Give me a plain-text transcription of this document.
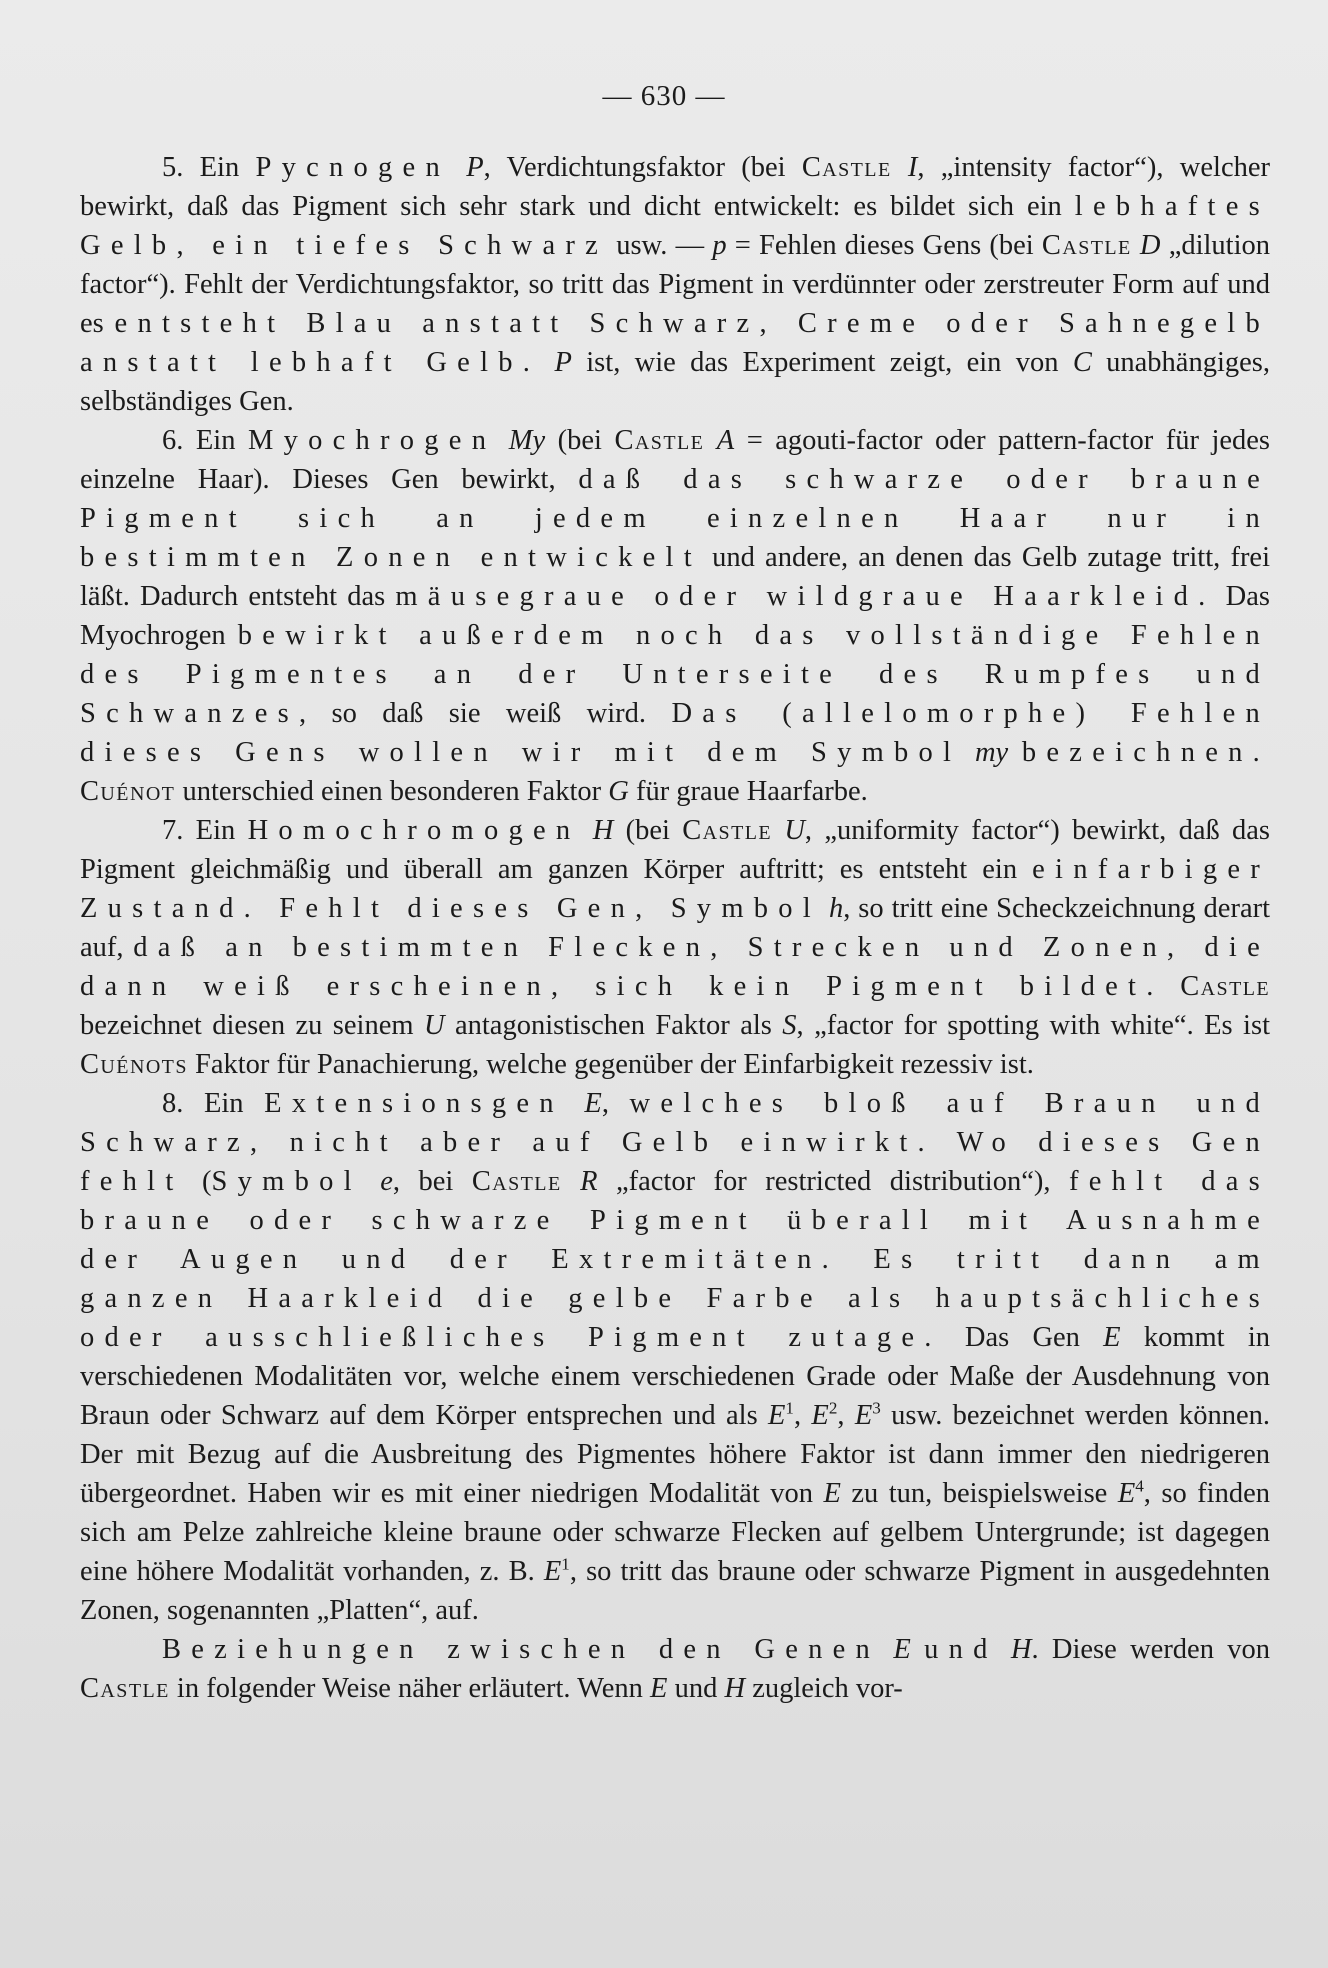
— 630 —

5. Ein Pycnogen P, Verdichtungsfaktor (bei Castle I, „intensity factor“), welcher bewirkt, daß das Pigment sich sehr stark und dicht entwickelt: es bildet sich ein lebhaftes Gelb, ein tiefes Schwarz usw. — p = Fehlen dieses Gens (bei Castle D „dilution factor“). Fehlt der Verdichtungsfaktor, so tritt das Pigment in verdünnter oder zerstreuter Form auf und es entsteht Blau anstatt Schwarz, Creme oder Sahnegelb anstatt lebhaft Gelb. P ist, wie das Experiment zeigt, ein von C unabhängiges, selbständiges Gen.

6. Ein Myochrogen My (bei Castle A = agouti-factor oder pattern-factor für jedes einzelne Haar). Dieses Gen bewirkt, daß das schwarze oder braune Pigment sich an jedem einzelnen Haar nur in bestimmten Zonen entwickelt und andere, an denen das Gelb zutage tritt, frei läßt. Dadurch entsteht das mäusegraue oder wildgraue Haarkleid. Das Myochrogen bewirkt außerdem noch das vollständige Fehlen des Pigmentes an der Unterseite des Rumpfes und Schwanzes, so daß sie weiß wird. Das (allelomorphe) Fehlen dieses Gens wollen wir mit dem Symbol my bezeichnen. Cuénot unterschied einen besonderen Faktor G für graue Haarfarbe.

7. Ein Homochromogen H (bei Castle U, „uniformity factor“) bewirkt, daß das Pigment gleichmäßig und überall am ganzen Körper auftritt; es entsteht ein einfarbiger Zustand. Fehlt dieses Gen, Symbol h, so tritt eine Scheckzeichnung derart auf, daß an bestimmten Flecken, Strecken und Zonen, die dann weiß erscheinen, sich kein Pigment bildet. Castle bezeichnet diesen zu seinem U antagonistischen Faktor als S, „factor for spotting with white“. Es ist Cuénots Faktor für Panachierung, welche gegenüber der Einfarbigkeit rezessiv ist.

8. Ein Extensionsgen E, welches bloß auf Braun und Schwarz, nicht aber auf Gelb einwirkt. Wo dieses Gen fehlt (Symbol e, bei Castle R „factor for restricted distribution“), fehlt das braune oder schwarze Pigment überall mit Ausnahme der Augen und der Extremitäten. Es tritt dann am ganzen Haarkleid die gelbe Farbe als hauptsächliches oder ausschließliches Pigment zutage. Das Gen E kommt in verschiedenen Modalitäten vor, welche einem verschiedenen Grade oder Maße der Ausdehnung von Braun oder Schwarz auf dem Körper entsprechen und als $E^1$, $E^2$, $E^3$ usw. bezeichnet werden können. Der mit Bezug auf die Ausbreitung des Pigmentes höhere Faktor ist dann immer den niedrigeren übergeordnet. Haben wir es mit einer niedrigen Modalität von E zu tun, beispielsweise $E^4$, so finden sich am Pelze zahlreiche kleine braune oder schwarze Flecken auf gelbem Untergrunde; ist dagegen eine höhere Modalität vorhanden, z. B. $E^1$, so tritt das braune oder schwarze Pigment in ausgedehnten Zonen, sogenannten „Platten“, auf.

Beziehungen zwischen den Genen E und H. Diese werden von Castle in folgender Weise näher erläutert. Wenn E und H zugleich vor-
